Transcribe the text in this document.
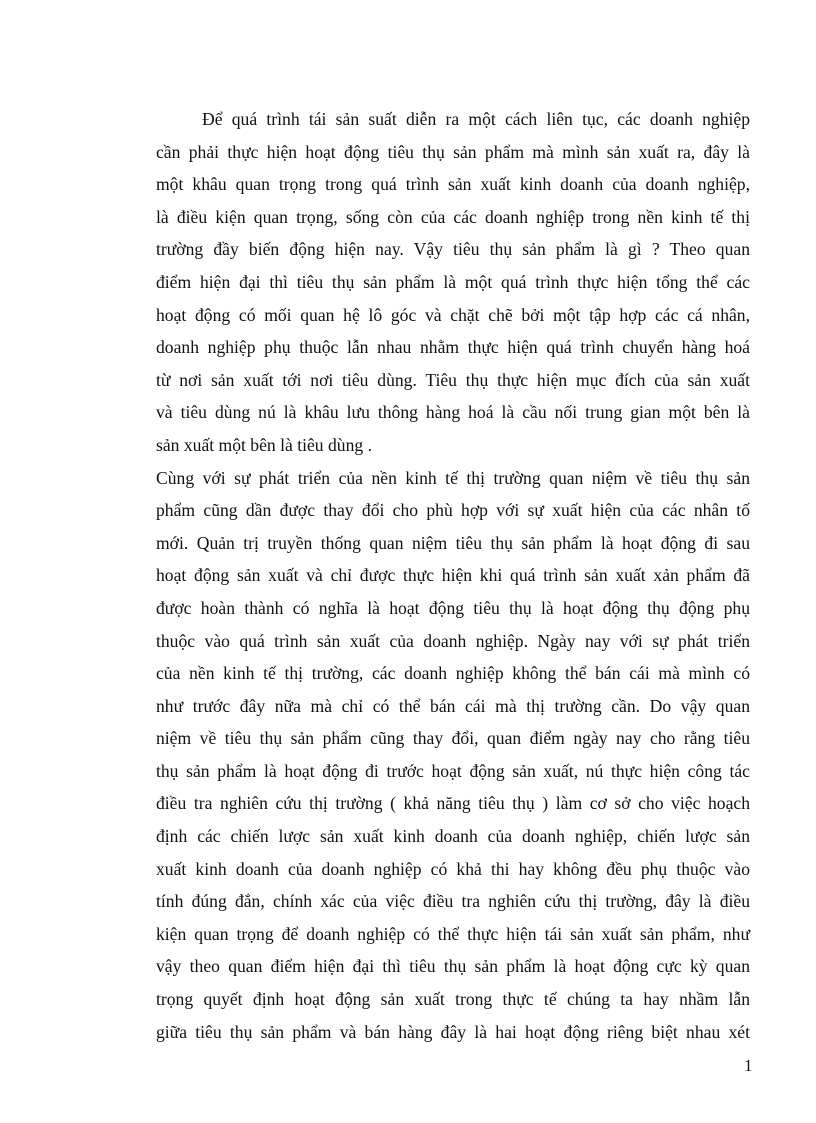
Để quá trình tái sản suất diễn ra một cách liên tục, các doanh nghiệp
cần phải thực hiện hoạt động tiêu thụ sản phẩm mà mình sản xuất ra, đây là
một khâu quan trọng trong quá trình sản xuất kinh doanh của doanh nghiệp,
là điều kiện quan trọng, sống còn của các doanh nghiệp trong nền kinh tế thị
trường đầy biến động hiện nay. Vậy tiêu thụ sản phẩm là gì ? Theo quan
điểm hiện đại thì tiêu thụ sản phẩm là một quá trình thực hiện tổng thể các
hoạt động có mối quan hệ lô góc và chặt chẽ bởi một tập hợp các cá nhân,
doanh nghiệp phụ thuộc lẫn nhau nhằm thực hiện quá trình chuyển hàng hoá
từ nơi sản xuất tới nơi tiêu dùng. Tiêu thụ thực hiện mục đích của sản xuất
và tiêu dùng nú là khâu lưu thông hàng hoá là cầu nối trung gian một bên là
sản xuất một bên là tiêu dùng .
Cùng với sự phát triển của nền kinh tế thị trường quan niệm về tiêu thụ sản
phẩm cũng dần được thay đổi cho phù hợp với sự xuất hiện của các nhân tố
mới. Quản trị truyền thống quan niệm tiêu thụ sản phẩm là hoạt động đi sau
hoạt động sản xuất và chỉ được thực hiện khi quá trình sản xuất xản phẩm đã
được hoàn thành có nghĩa là hoạt động tiêu thụ là hoạt động thụ động phụ
thuộc vào quá trình sản xuất của doanh nghiệp. Ngày nay với sự phát triển
của nền kinh tế thị trường, các doanh nghiệp không thể bán cái mà mình có
như trước đây nữa mà chỉ có thể bán cái mà thị trường cần. Do vậy quan
niệm về tiêu thụ sản phẩm cũng thay đổi, quan điểm ngày nay cho rằng tiêu
thụ sản phẩm là hoạt động đi trước hoạt động sản xuất, nú thực hiện công tác
điều tra nghiên cứu thị trường ( khả năng tiêu thụ ) làm cơ sở cho việc hoạch
định các chiến lược sản xuất kinh doanh của doanh nghiệp, chiến lược sản
xuất kinh doanh của doanh nghiệp có khả thi hay không đều phụ thuộc vào
tính đúng đắn, chính xác của việc điều tra nghiên cứu thị trường, đây là điều
kiện quan trọng để doanh nghiệp có thể thực hiện tái sản xuất sản phẩm, như
vậy theo quan điểm hiện đại thì tiêu thụ sản phẩm là hoạt động cực kỳ quan
trọng quyết định hoạt động sản xuất trong thực tế chúng ta hay nhầm lẫn
giữa tiêu thụ sản phẩm và bán hàng đây là hai hoạt động riêng biệt nhau xét
1
